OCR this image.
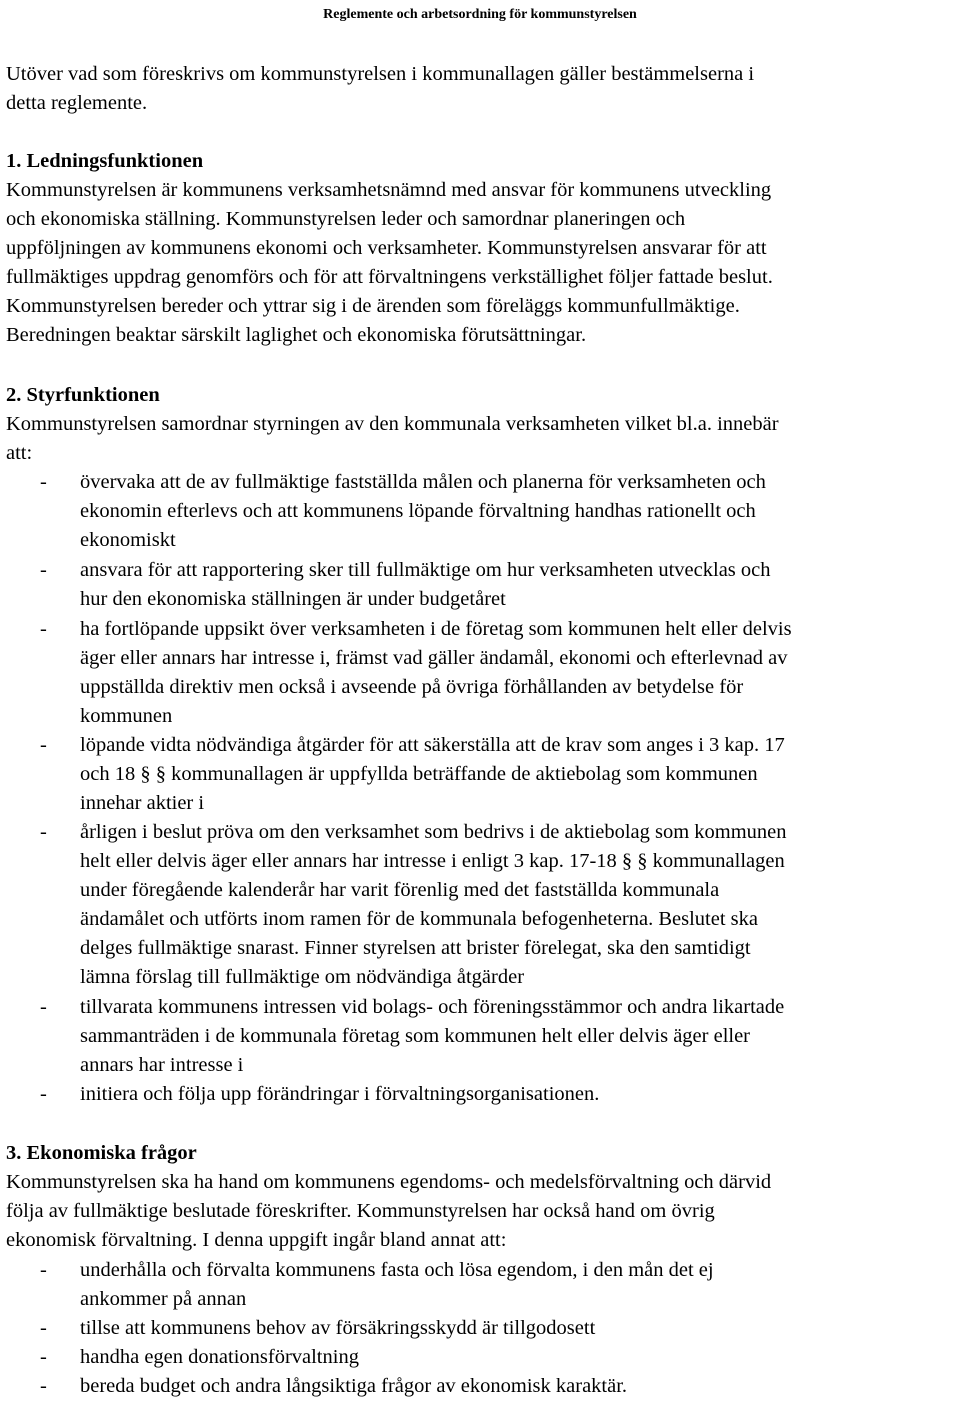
Reglemente och arbetsordning för kommunstyrelsen
Utöver vad som föreskrivs om kommunstyrelsen i kommunallagen gäller bestämmelserna i
detta reglemente.
1. Ledningsfunktionen
Kommunstyrelsen är kommunens verksamhetsnämnd med ansvar för kommunens utveckling
och ekonomiska ställning. Kommunstyrelsen leder och samordnar planeringen och
uppföljningen av kommunens ekonomi och verksamheter. Kommunstyrelsen ansvarar för att
fullmäktiges uppdrag genomförs och för att förvaltningens verkställighet följer fattade beslut.
Kommunstyrelsen bereder och yttrar sig i de ärenden som föreläggs kommunfullmäktige.
Beredningen beaktar särskilt laglighet och ekonomiska förutsättningar.
2. Styrfunktionen
Kommunstyrelsen samordnar styrningen av den kommunala verksamheten vilket bl.a. innebär
att:
- övervaka att de av fullmäktige fastställda målen och planerna för verksamheten och
ekonomin efterlevs och att kommunens löpande förvaltning handhas rationellt och
ekonomiskt
- ansvara för att rapportering sker till fullmäktige om hur verksamheten utvecklas och
hur den ekonomiska ställningen är under budgetåret
- ha fortlöpande uppsikt över verksamheten i de företag som kommunen helt eller delvis
äger eller annars har intresse i, främst vad gäller ändamål, ekonomi och efterlevnad av
uppställda direktiv men också i avseende på övriga förhållanden av betydelse för
kommunen
- löpande vidta nödvändiga åtgärder för att säkerställa att de krav som anges i 3 kap. 17
och 18 § § kommunallagen är uppfyllda beträffande de aktiebolag som kommunen
innehar aktier i
- årligen i beslut pröva om den verksamhet som bedrivs i de aktiebolag som kommunen
helt eller delvis äger eller annars har intresse i enligt 3 kap. 17-18 § § kommunallagen
under föregående kalenderår har varit förenlig med det fastställda kommunala
ändamålet och utförts inom ramen för de kommunala befogenheterna. Beslutet ska
delges fullmäktige snarast. Finner styrelsen att brister förelegat, ska den samtidigt
lämna förslag till fullmäktige om nödvändiga åtgärder
- tillvarata kommunens intressen vid bolags- och föreningsstämmor och andra likartade
sammanträden i de kommunala företag som kommunen helt eller delvis äger eller
annars har intresse i
- initiera och följa upp förändringar i förvaltningsorganisationen.
3. Ekonomiska frågor
Kommunstyrelsen ska ha hand om kommunens egendoms- och medelsförvaltning och därvid
följa av fullmäktige beslutade föreskrifter. Kommunstyrelsen har också hand om övrig
ekonomisk förvaltning. I denna uppgift ingår bland annat att:
- underhålla och förvalta kommunens fasta och lösa egendom, i den mån det ej
ankommer på annan
- tillse att kommunens behov av försäkringsskydd är tillgodosett
- handha egen donationsförvaltning
- bereda budget och andra långsiktiga frågor av ekonomisk karaktär.
